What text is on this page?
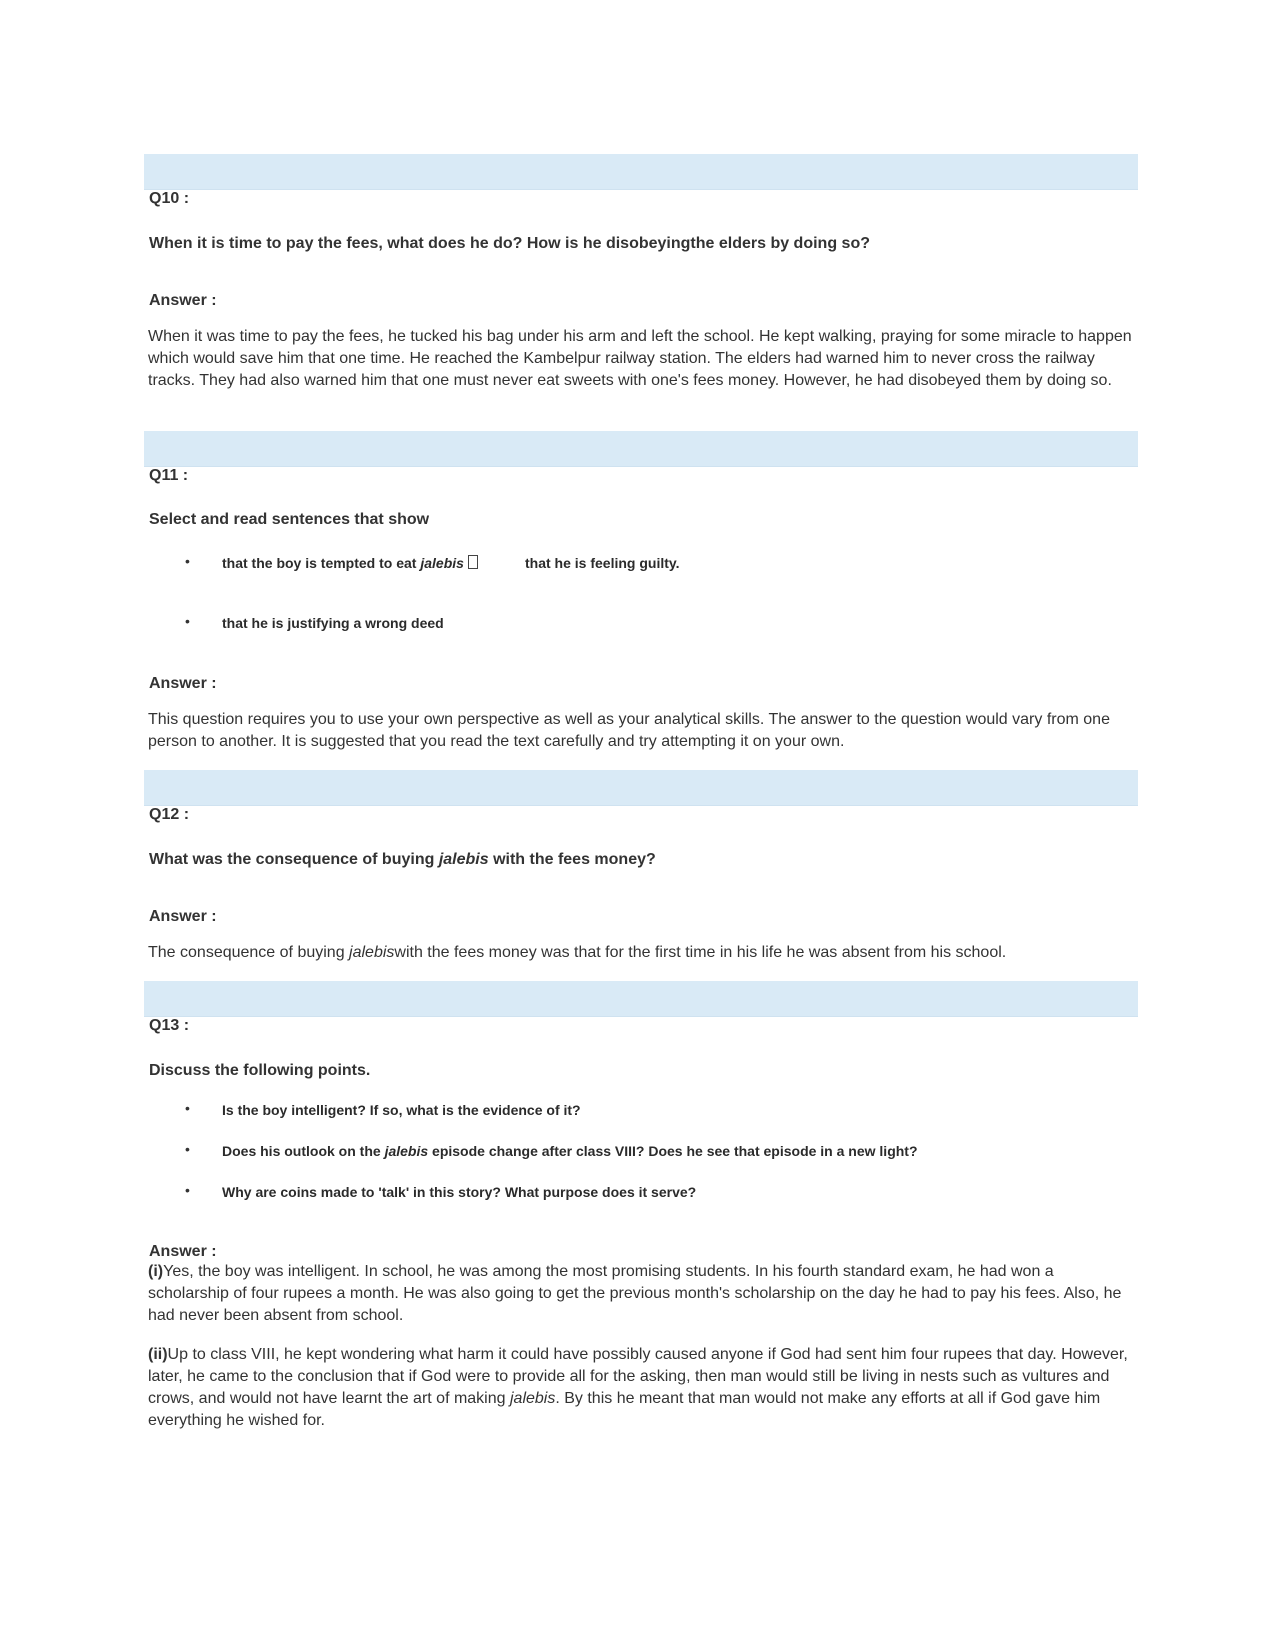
Q10 :
When it is time to pay the fees, what does he do? How is he disobeyingthe elders by doing so?
Answer :
When it was time to pay the fees, he tucked his bag under his arm and left the school. He kept walking, praying for some miracle to happen which would save him that one time. He reached the Kambelpur railway station. The elders had warned him to never cross the railway tracks. They had also warned him that one must never eat sweets with one's fees money. However, he had disobeyed them by doing so.
Q11 :
Select and read sentences that show
• that the boy is tempted to eat jalebis	that he is feeling guilty.
• that he is justifying a wrong deed
Answer :
This question requires you to use your own perspective as well as your analytical skills. The answer to the question would vary from one person to another. It is suggested that you read the text carefully and try attempting it on your own.
Q12 :
What was the consequence of buying jalebis with the fees money?
Answer :
The consequence of buying jalebiswith the fees money was that for the first time in his life he was absent from his school.
Q13 :
Discuss the following points.
• Is the boy intelligent? If so, what is the evidence of it?
• Does his outlook on the jalebis episode change after class VIII? Does he see that episode in a new light?
• Why are coins made to 'talk' in this story? What purpose does it serve?
Answer :
(i)Yes, the boy was intelligent. In school, he was among the most promising students. In his fourth standard exam, he had won a scholarship of four rupees a month. He was also going to get the previous month's scholarship on the day he had to pay his fees. Also, he had never been absent from school.
(ii)Up to class VIII, he kept wondering what harm it could have possibly caused anyone if God had sent him four rupees that day. However, later, he came to the conclusion that if God were to provide all for the asking, then man would still be living in nests such as vultures and crows, and would not have learnt the art of making jalebis. By this he meant that man would not make any efforts at all if God gave him everything he wished for.
